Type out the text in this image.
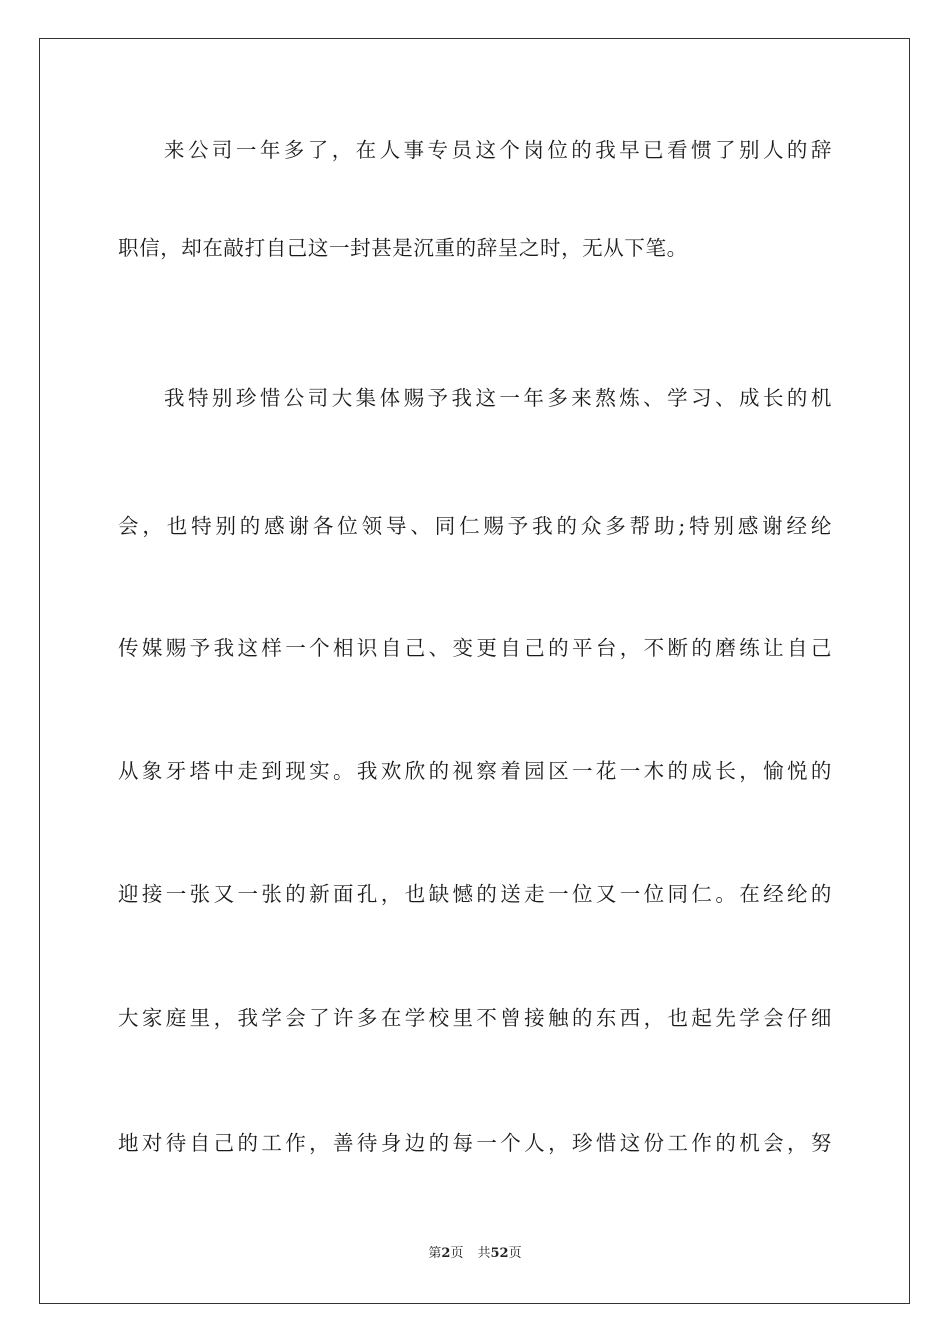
来公司一年多了，在人事专员这个岗位的我早已看惯了别人的辞
职信，却在敲打自己这一封甚是沉重的辞呈之时，无从下笔。
我特别珍惜公司大集体赐予我这一年多来熬炼、学习、成长的机
会，也特别的感谢各位领导、同仁赐予我的众多帮助;特别感谢经纶
传媒赐予我这样一个相识自己、变更自己的平台，不断的磨练让自己
从象牙塔中走到现实。我欢欣的视察着园区一花一木的成长，愉悦的
迎接一张又一张的新面孔，也缺憾的送走一位又一位同仁。在经纶的
大家庭里，我学会了许多在学校里不曾接触的东西，也起先学会仔细
地对待自己的工作，善待身边的每一个人，珍惜这份工作的机会，努
第2页 共52页
